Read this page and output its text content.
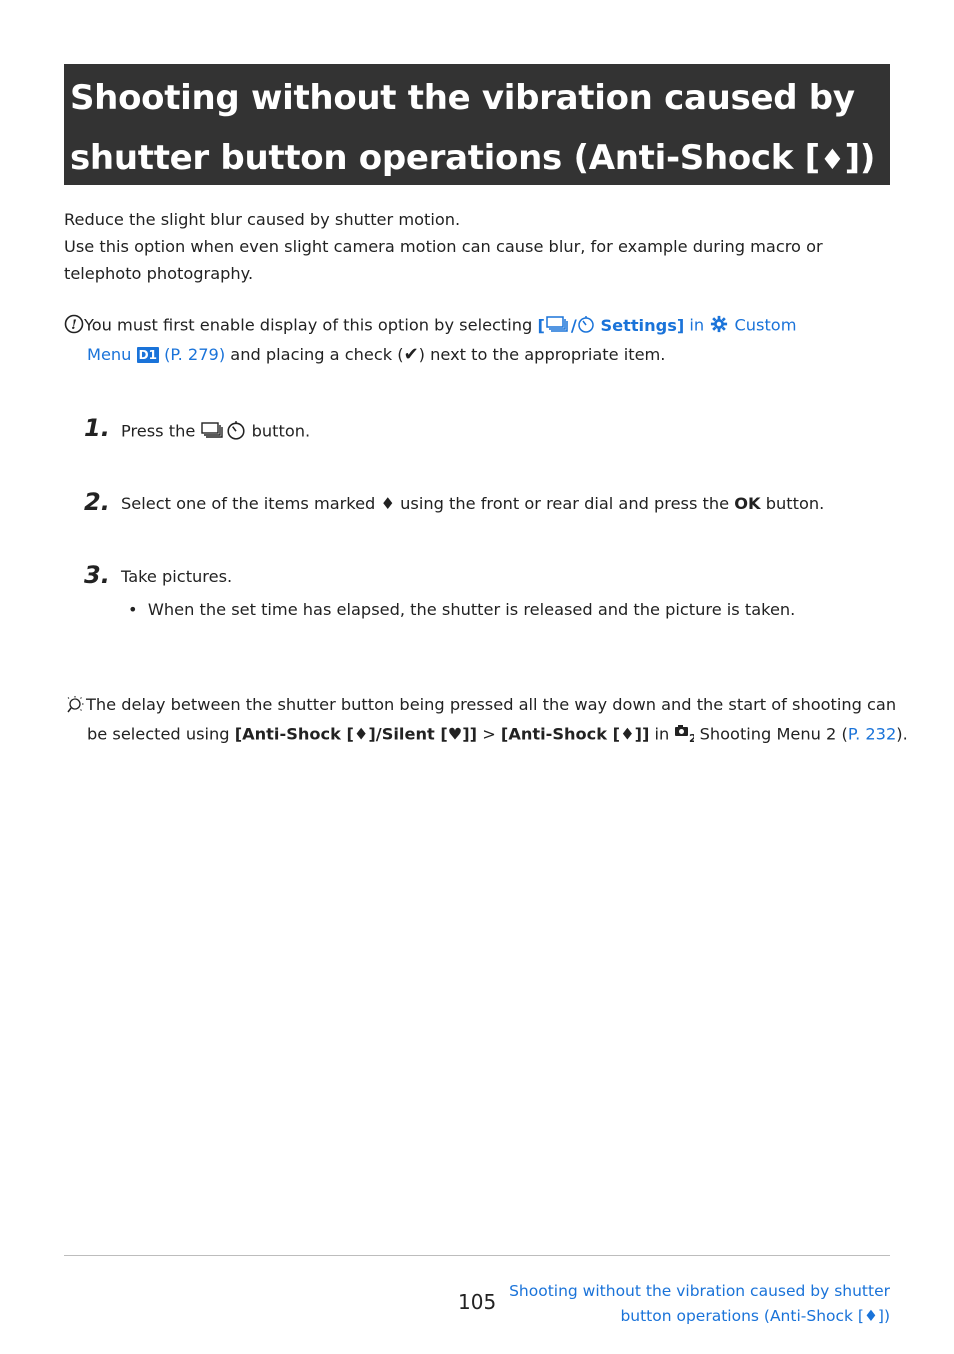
Shooting without the vibration caused by
shutter button operations (Anti-Shock [♦])
Reduce the slight blur caused by shutter motion.
Use this option when even slight camera motion can cause blur, for example during macro or
telephoto photography.
! You must first enable display of this option by selecting [ / Settings] in  Custom
Menu D1 (P. 279) and placing a check (✔) next to the appropriate item.
1. Press the	button.
2. Select one of the items marked ♦ using the front or rear dial and press the OK button.
3. Take pictures.
• When the set time has elapsed, the shutter is released and the picture is taken.
The delay between the shutter button being pressed all the way down and the start of shooting can
be selected using [Anti-Shock [♦]/Silent [♥]] > [Anti-Shock [♦]] in 2
Shooting Menu 2 (P. 232).
105 Shooting without the vibration caused by shutter
button operations (Anti-Shock [♦])
